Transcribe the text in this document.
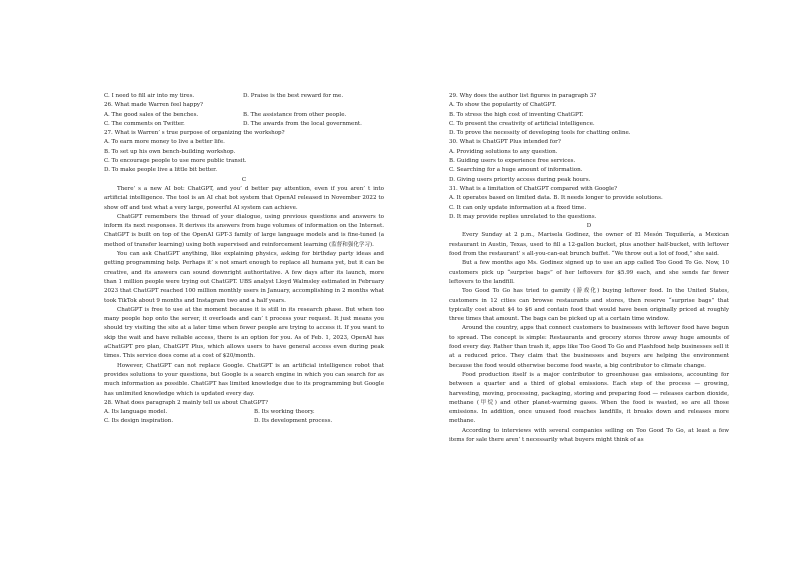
C. I need to fill air into my tires.	D. Praise is the best reward for me.
26. What made Warren feel happy?
A. The good sales of the benches.	B. The assistance from other people.
C. The comments on Twitter.	D. The awards from the local government.
27. What is Warren’ s true purpose of organizing the workshop?
A. To earn more money to live a better life.
B. To set up his own bench-building workshop.
C. To encourage people to use more public transit.
D. To make people live a little bit better.
C

There’ s a new AI bot: ChatGPT, and you’ d better pay attention, even if you aren’ t into artificial intelligence. The tool is an AI chat bot system that OpenAI released in November 2022 to show off and test what a very large, powerful AI system can achieve.

ChatGPT remembers the thread of your dialogue, using previous questions and answers to inform its next responses. It derives its answers from huge volumes of information on the Internet. ChatGPT is built on top of the OpenAI GPT-3 family of large language models and is fine-tuned (a method of transfer learning) using both supervised and reinforcement learning (监督和强化学习).

You can ask ChatGPT anything, like explaining physics, asking for birthday party ideas and getting programming help. Perhaps it’ s not smart enough to replace all humans yet, but it can be creative, and its answers can sound downright authoritative. A few days after its launch, more than 1 million people were trying out ChatGPT. UBS analyst Lloyd Walmsley estimated in February 2023 that ChatGPT reached 100 million monthly users in January, accomplishing in 2 months what took TikTok about 9 months and Instagram two and a half years.

ChatGPT is free to use at the moment because it is still in its research phase. But when too many people hop onto the server, it overloads and can’ t process your request. It just means you should try visiting the site at a later time when fewer people are trying to access it. If you want to skip the wait and have reliable access, there is an option for you. As of Feb. 1, 2023, OpenAI has aChatGPT pro plan, ChatGPT Plus, which allows users to have general access even during peak times. This service does come at a cost of $20/month.

However, ChatGPT can not replace Google. ChatGPT is an artificial intelligence robot that provides solutions to your questions, but Google is a search engine in which you can search for as much information as possible. ChatGPT has limited knowledge due to its programming but Google has unlimited knowledge which is updated every day.

28. What does paragraph 2 mainly tell us about ChatGPT?
A. Its language model.	B. Its working theory.
C. Its design inspiration.	D. Its development process.
29. Why does the author list figures in paragraph 3?
A. To show the popularity of ChatGPT.
B. To stress the high cost of inventing ChatGPT.
C. To present the creativity of artificial intelligence.
D. To prove the necessity of developing tools for chatting online.
30. What is ChatGPT Plus intended for?
A. Providing solutions to any question.
B. Guiding users to experience free services.
C. Searching for a huge amount of information.
D. Giving users priority access during peak hours.
31. What is a limitation of ChatGPT compared with Google?

A. It operates based on limited data. B. It needs longer to provide solutions.

C. It can only update information at a fixed time.
D. It may provide replies unrelated to the questions.
D

Every Sunday at 2 p.m., Marisela Godinez, the owner of El Mesón Tequilería, a Mexican restaurant in Austin, Texas, used to fill a 12-gallon bucket, plus another half-bucket, with leftover food from the restaurant’ s all-you-can-eat brunch buffet. “We throw out a lot of food,” she said.

But a few months ago Ms. Godinez signed up to use an app called Too Good To Go. Now, 10 customers pick up “surprise bags” of her leftovers for $5.99 each, and she sends far fewer leftovers to the landfill.

Too Good To Go has tried to gamify (游戏化) buying leftover food. In the United States, customers in 12 cities can browse restaurants and stores, then reserve “surprise bags” that typically cost about $4 to $6 and contain food that would have been originally priced at roughly three times that amount. The bags can be picked up at a certain time window.

Around the country, apps that connect customers to businesses with leftover food have begun to spread. The concept is simple: Restaurants and grocery stores throw away huge amounts of food every day. Rather than trash it, apps like Too Good To Go and Flashfood help businesses sell it at a reduced price. They claim that the businesses and buyers are helping the environment because the food would otherwise become food waste, a big contributor to climate change.

Food production itself is a major contributor to greenhouse gas emissions, accounting for between a quarter and a third of global emissions. Each step of the process — growing, harvesting, moving, processing, packaging, storing and preparing food — releases carbon dioxide, methane (甲烷) and other planet-warming gases. When the food is wasted, so are all those emissions. In addition, once unused food reaches landfills, it breaks down and releases more methane.

According to interviews with several companies selling on Too Good To Go, at least a few items for sale there aren’ t necessarily what buyers might think of as
